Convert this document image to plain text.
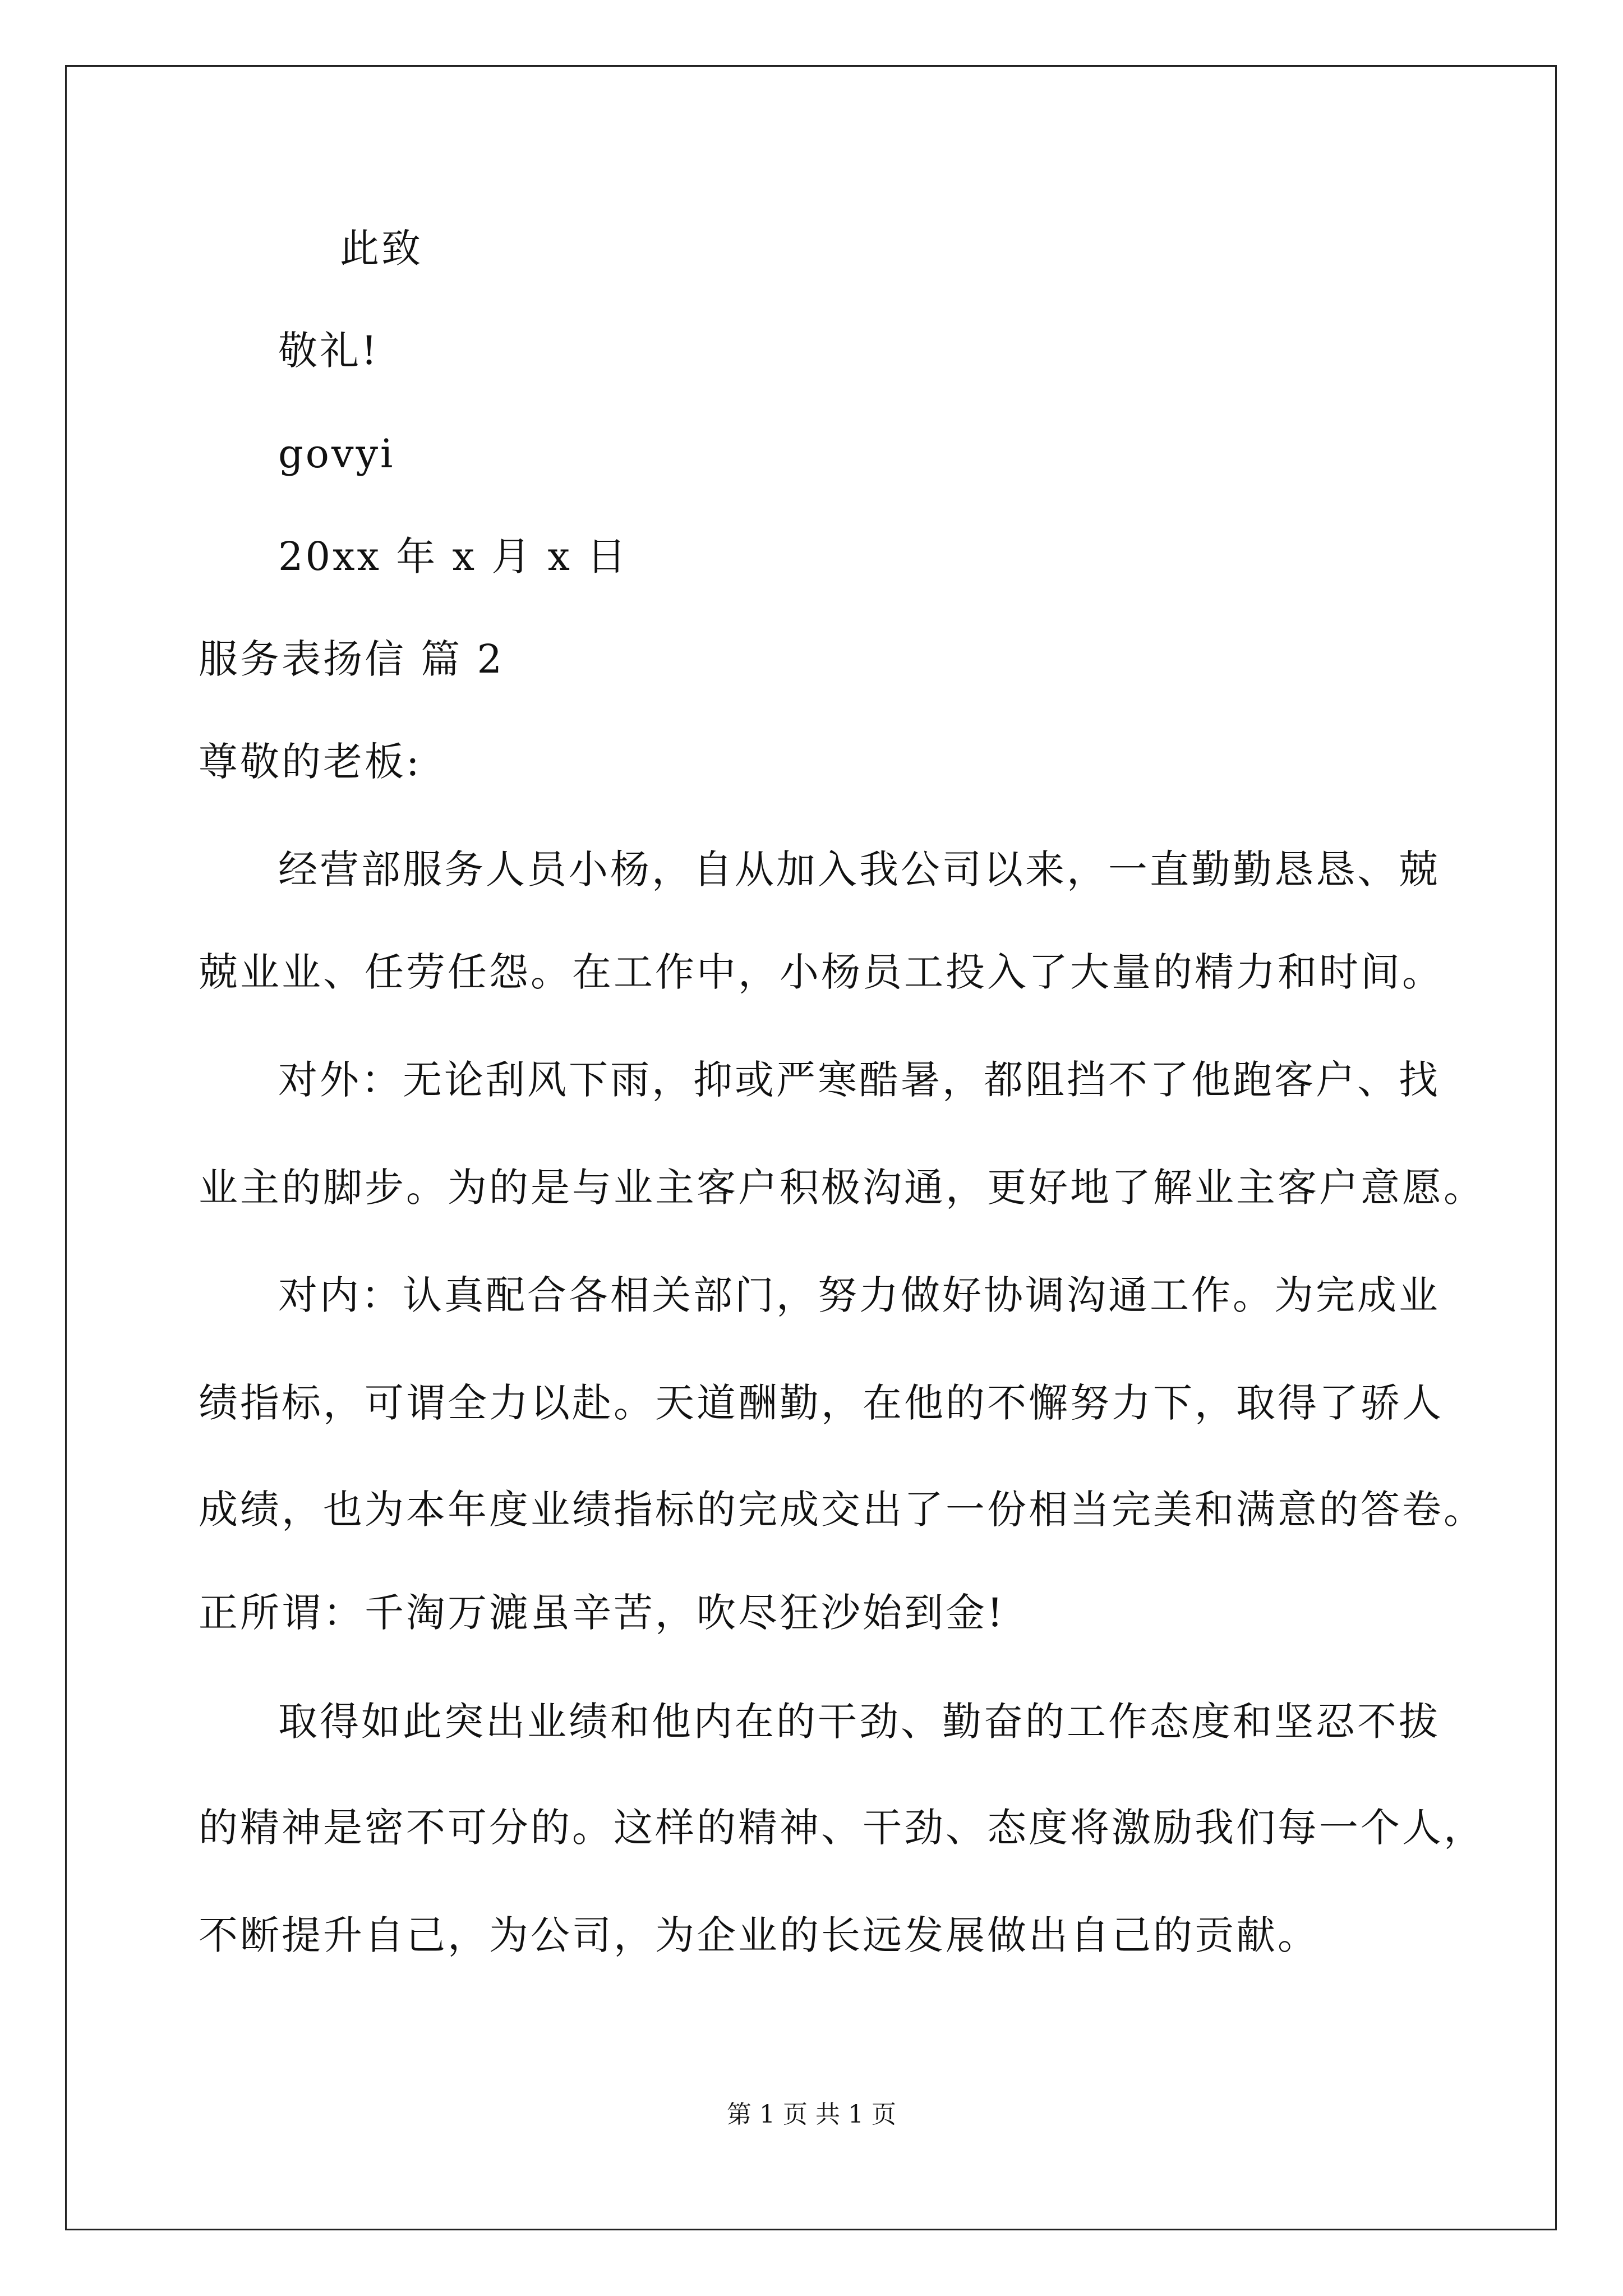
此致
敬礼!
govyi
20xx 年 x 月 x 日
服务表扬信 篇 2
尊敬的老板:
经营部服务人员小杨，自从加入我公司以来，一直勤勤恳恳、兢
兢业业、任劳任怨。在工作中，小杨员工投入了大量的精力和时间。
对外：无论刮风下雨，抑或严寒酷暑，都阻挡不了他跑客户、找
业主的脚步。为的是与业主客户积极沟通，更好地了解业主客户意愿。
对内：认真配合各相关部门，努力做好协调沟通工作。为完成业
绩指标，可谓全力以赴。天道酬勤，在他的不懈努力下，取得了骄人
成绩，也为本年度业绩指标的完成交出了一份相当完美和满意的答卷。
正所谓：千淘万漉虽辛苦，吹尽狂沙始到金!
取得如此突出业绩和他内在的干劲、勤奋的工作态度和坚忍不拔
的精神是密不可分的。这样的精神、干劲、态度将激励我们每一个人，
不断提升自己，为公司，为企业的长远发展做出自己的贡献。
第 1 页 共 1 页
